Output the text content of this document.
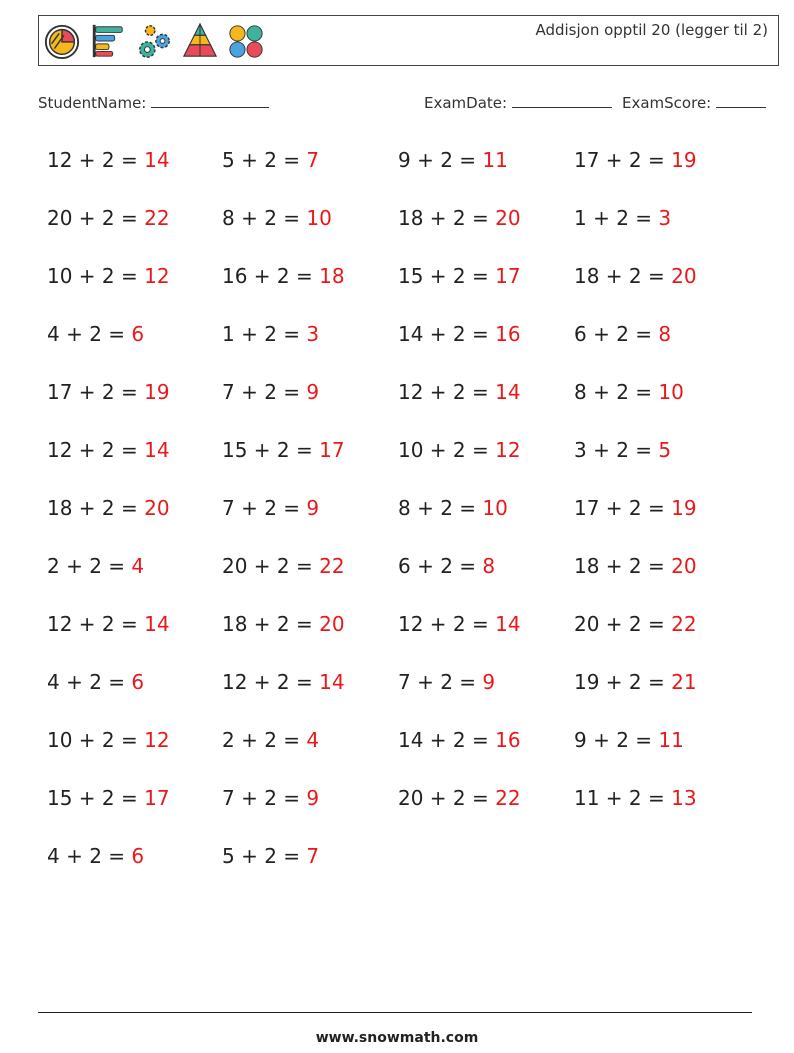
Addisjon opptil 20 (legger til 2)
StudentName:	ExamDate:	ExamScore:
12 + 2 = 14	5 + 2 = 7	9 + 2 = 11	17 + 2 = 19
20 + 2 = 22	8 + 2 = 10	18 + 2 = 20	1 + 2 = 3
10 + 2 = 12	16 + 2 = 18	15 + 2 = 17	18 + 2 = 20
4 + 2 = 6	1 + 2 = 3	14 + 2 = 16	6 + 2 = 8
17 + 2 = 19	7 + 2 = 9	12 + 2 = 14	8 + 2 = 10
12 + 2 = 14	15 + 2 = 17	10 + 2 = 12	3 + 2 = 5
18 + 2 = 20	7 + 2 = 9	8 + 2 = 10	17 + 2 = 19
2 + 2 = 4	20 + 2 = 22	6 + 2 = 8	18 + 2 = 20
12 + 2 = 14	18 + 2 = 20	12 + 2 = 14	20 + 2 = 22
4 + 2 = 6	12 + 2 = 14	7 + 2 = 9	19 + 2 = 21
10 + 2 = 12	2 + 2 = 4	14 + 2 = 16	9 + 2 = 11
15 + 2 = 17	7 + 2 = 9	20 + 2 = 22	11 + 2 = 13
4 + 2 = 6	5 + 2 = 7
www.snowmath.com
